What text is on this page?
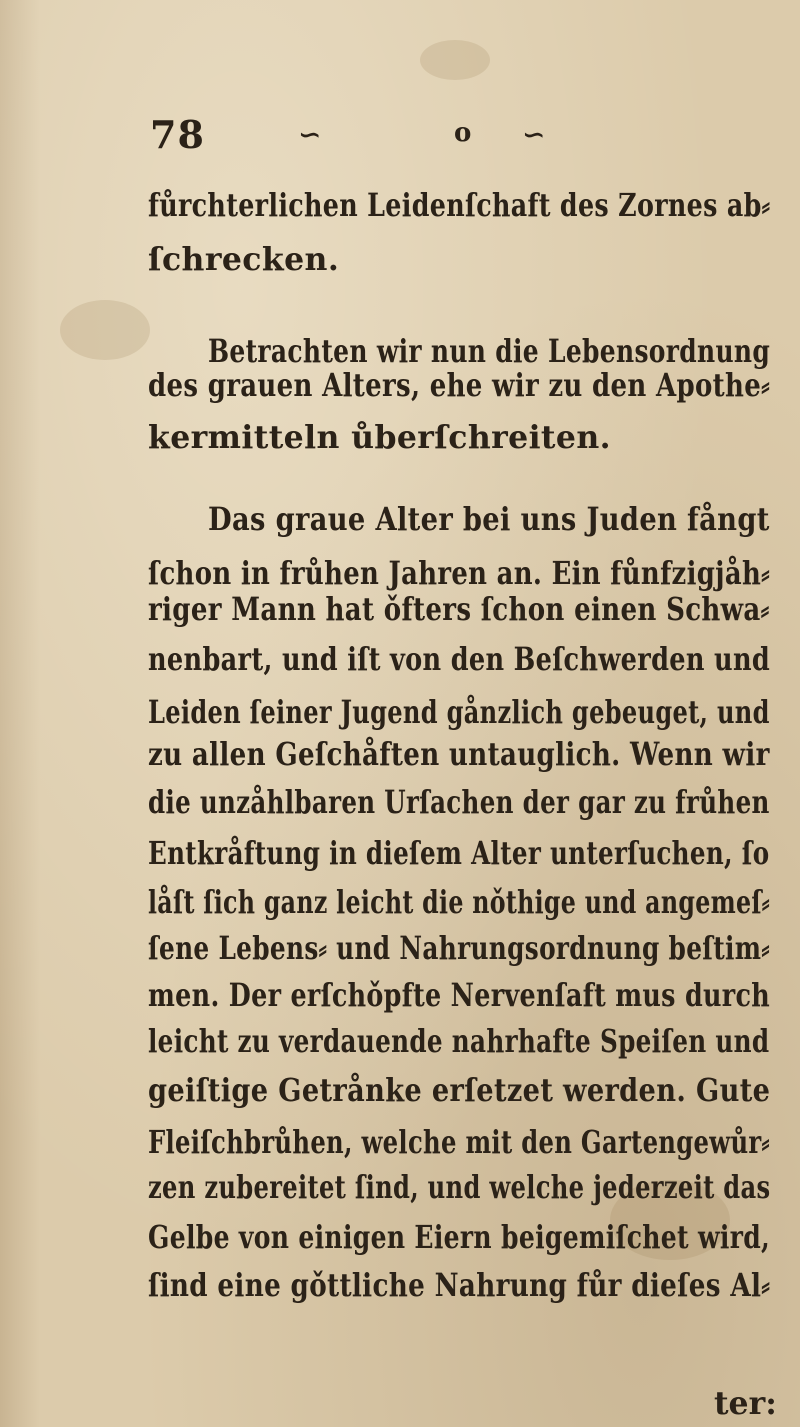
78	∽	o ∽
fůrchterlichen Leidenſchaft des Zornes ab⸗
ſchrecken.
Betrachten wir nun die Lebensordnung
des grauen Alters, ehe wir zu den Apothe⸗
kermitteln ůberſchreiten.
Das graue Alter bei uns Juden fångt
ſchon in frůhen Jahren an. Ein fůnfzigjåh⸗
riger Mann hat ǒfters ſchon einen Schwa⸗
nenbart, und iſt von den Beſchwerden und
Leiden ſeiner Jugend gånzlich gebeuget, und
zu allen Geſchåften untauglich. Wenn wir
die unzåhlbaren Urſachen der gar zu frůhen
Entkråftung in dieſem Alter unterſuchen, ſo
låſt ſich ganz leicht die nǒthige und angemeſ⸗
ſene Lebens⸗ und Nahrungsordnung beſtim⸗
men. Der erſchǒpfte Nervenſaft mus durch
leicht zu verdauende nahrhafte Speiſen und
geiſtige Getrånke erſetzet werden. Gute
Fleiſchbrůhen, welche mit den Gartengewůr⸗
zen zubereitet ſind, und welche jederzeit das
Gelbe von einigen Eiern beigemiſchet wird,
ſind eine gǒttliche Nahrung fůr dieſes Al⸗
ter:
